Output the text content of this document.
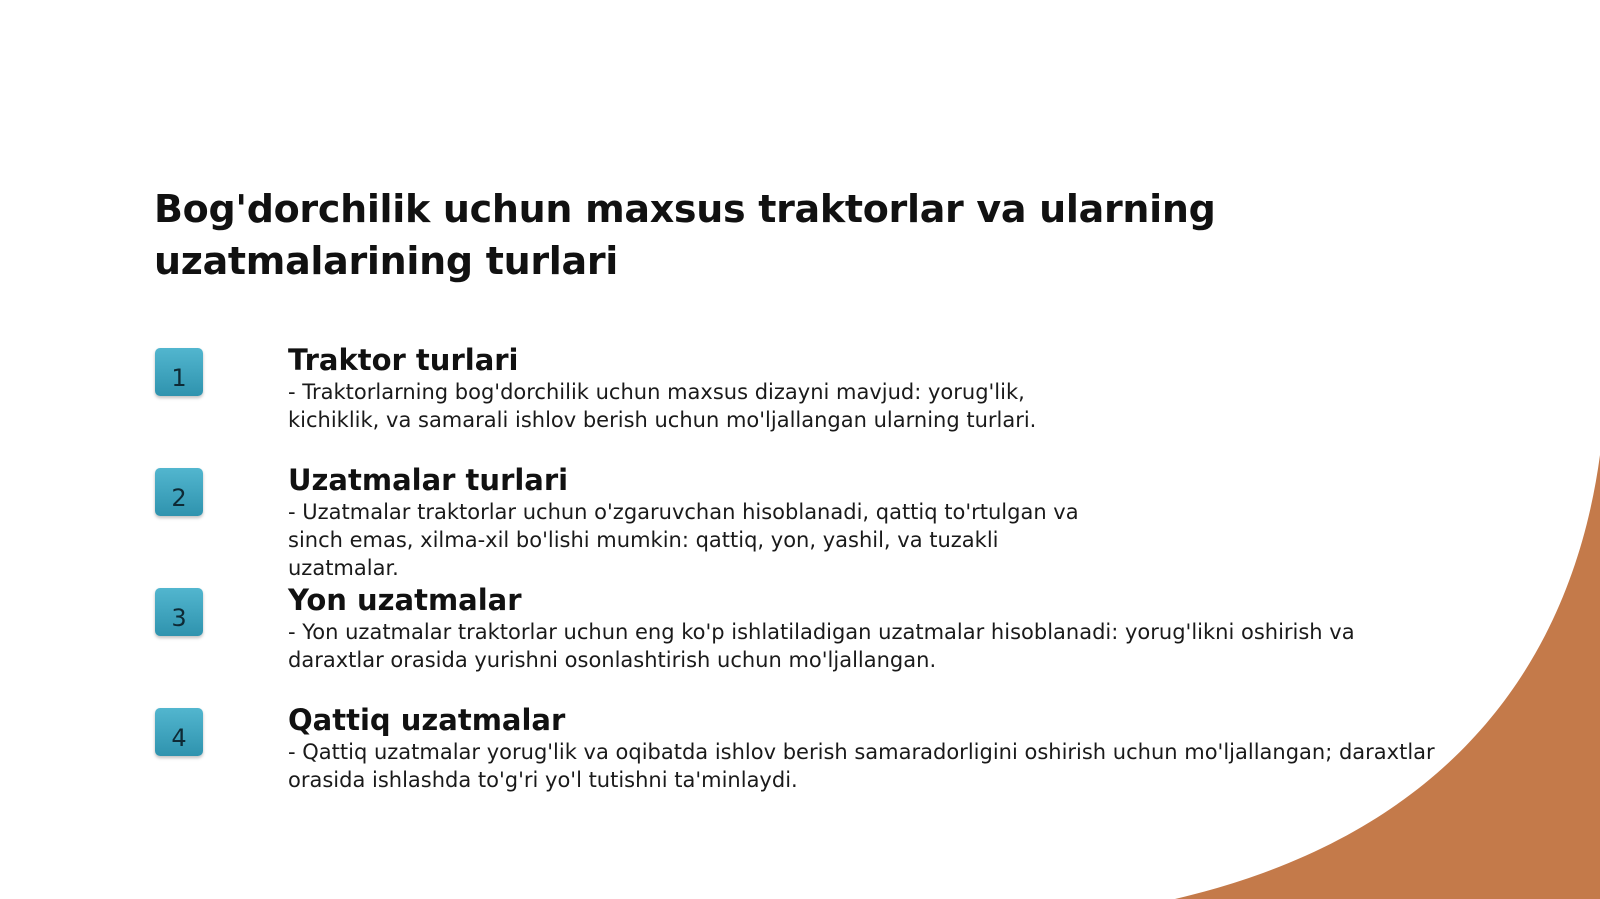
Bog'dorchilik uchun maxsus traktorlar va ularning uzatmalarining turlari
1
Traktor turlari

- Traktorlarning bog'dorchilik uchun maxsus dizayni mavjud: yorug'lik, kichiklik, va samarali ishlov berish uchun mo'ljallangan ularning turlari.

2
Uzatmalar turlari

- Uzatmalar traktorlar uchun o'zgaruvchan hisoblanadi, qattiq to'rtulgan va sinch emas, xilma-xil bo'lishi mumkin: qattiq, yon, yashil, va tuzakli uzatmalar.

3
Yon uzatmalar

- Yon uzatmalar traktorlar uchun eng ko'p ishlatiladigan uzatmalar hisoblanadi: yorug'likni oshirish va daraxtlar orasida yurishni osonlashtirish uchun mo'ljallangan.

4
Qattiq uzatmalar

- Qattiq uzatmalar yorug'lik va oqibatda ishlov berish samaradorligini oshirish uchun mo'ljallangan; daraxtlar orasida ishlashda to'g'ri yo'l tutishni ta'minlaydi.
